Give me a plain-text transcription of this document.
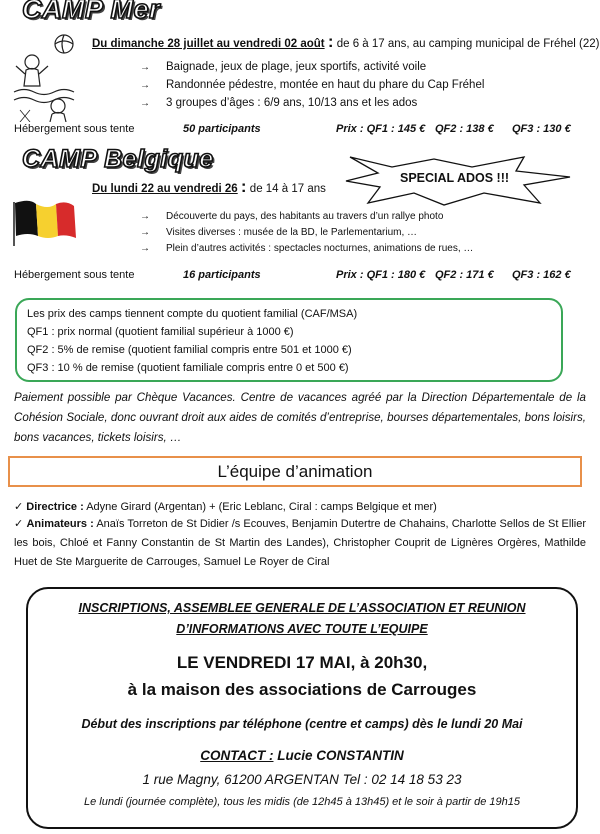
CAMP Mer
Du dimanche 28 juillet au vendredi 02 août : de 6 à 17 ans, au camping municipal de Fréhel (22)
→ Baignade, jeux de plage, jeux sportifs, activité voile
→ Randonnée pédestre, montée en haut du phare du Cap Fréhel
→ 3 groupes d’âges : 6/9 ans, 10/13 ans et les ados
Hébergement sous tente	50 participants	Prix : QF1 : 145 € QF2 : 138 € QF3 : 130 €
CAMP Belgique
Du lundi 22 au vendredi 26 : de 14 à 17 ans
SPECIAL ADOS !!!
→ Découverte du pays, des habitants au travers d’un rallye photo
→ Visites diverses : musée de la BD, le Parlementarium, …
→ Plein d’autres activités : spectacles nocturnes, animations de rues, …
Hébergement sous tente	16 participants	Prix : QF1 : 180 € QF2 : 171 € QF3 : 162 €
Les prix des camps tiennent compte du quotient familial (CAF/MSA)
QF1 : prix normal (quotient familial supérieur à 1000 €)
QF2 : 5% de remise (quotient familial compris entre 501 et 1000 €)
QF3 : 10 % de remise (quotient familiale compris entre 0 et 500 €)
Paiement possible par Chèque Vacances. Centre de vacances agréé par la Direction Départementale de la Cohésion Sociale, donc ouvrant droit aux aides de comités d’entreprise, bourses départementales, bons loisirs, bons vacances, tickets loisirs, …
L’équipe d’animation
✓ Directrice : Adyne Girard (Argentan) + (Eric Leblanc, Ciral : camps Belgique et mer)
✓ Animateurs : Anaïs Torreton de St Didier /s Ecouves, Benjamin Dutertre de Chahains, Charlotte Sellos de St Ellier les bois, Chloé et Fanny Constantin de St Martin des Landes), Christopher Couprit de Lignères Orgères, Mathilde Huet de Ste Marguerite de Carrouges, Samuel Le Royer de Ciral
INSCRIPTIONS, ASSEMBLEE GENERALE DE L’ASSOCIATION ET REUNION
D’INFORMATIONS AVEC TOUTE L’EQUIPE
LE VENDREDI 17 MAI, à 20h30,
à la maison des associations de Carrouges
Début des inscriptions par téléphone (centre et camps) dès le lundi 20 Mai
CONTACT : Lucie CONSTANTIN
1 rue Magny, 61200 ARGENTAN Tel : 02 14 18 53 23
Le lundi (journée complète), tous les midis (de 12h45 à 13h45) et le soir à partir de 19h15
